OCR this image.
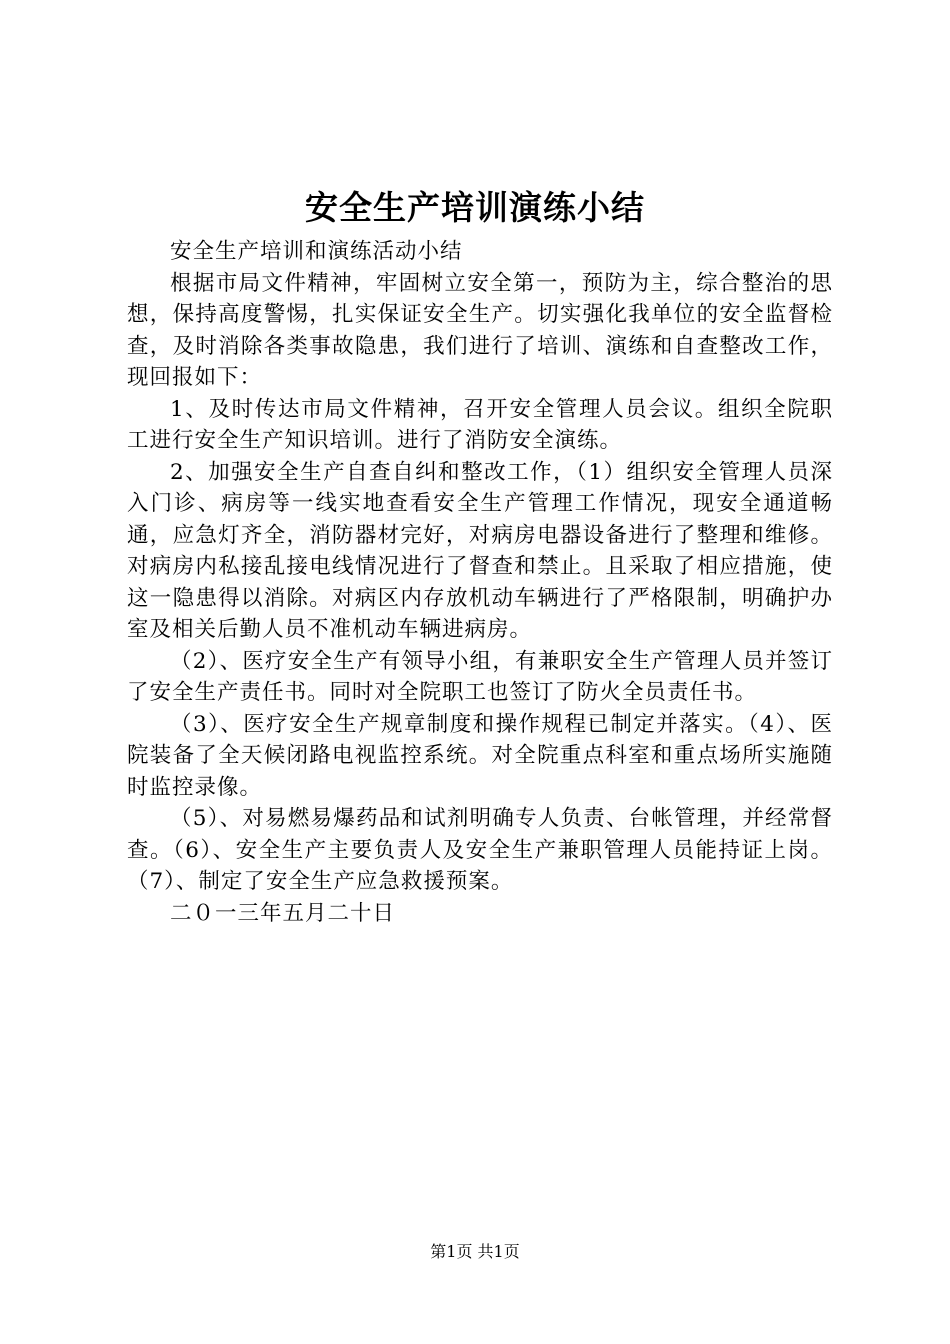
安全生产培训演练小结

安全生产培训和演练活动小结

根据市局文件精神，牢固树立安全第一，预防为主，综合整治的思想，保持高度警惕，扎实保证安全生产。切实强化我单位的安全监督检查，及时消除各类事故隐患，我们进行了培训、演练和自查整改工作，现回报如下：

1、及时传达市局文件精神，召开安全管理人员会议。组织全院职工进行安全生产知识培训。进行了消防安全演练。

2、加强安全生产自查自纠和整改工作，（1）组织安全管理人员深入门诊、病房等一线实地查看安全生产管理工作情况，现安全通道畅通，应急灯齐全，消防器材完好，对病房电器设备进行了整理和维修。对病房内私接乱接电线情况进行了督查和禁止。且采取了相应措施，使这一隐患得以消除。对病区内存放机动车辆进行了严格限制，明确护办室及相关后勤人员不准机动车辆进病房。

（2）、医疗安全生产有领导小组，有兼职安全生产管理人员并签订了安全生产责任书。同时对全院职工也签订了防火全员责任书。

（3）、医疗安全生产规章制度和操作规程已制定并落实。（4）、医院装备了全天候闭路电视监控系统。对全院重点科室和重点场所实施随时监控录像。

（5）、对易燃易爆药品和试剂明确专人负责、台帐管理，并经常督查。（6）、安全生产主要负责人及安全生产兼职管理人员能持证上岗。（7）、制定了安全生产应急救援预案。

二０一三年五月二十日

第1页 共1页
